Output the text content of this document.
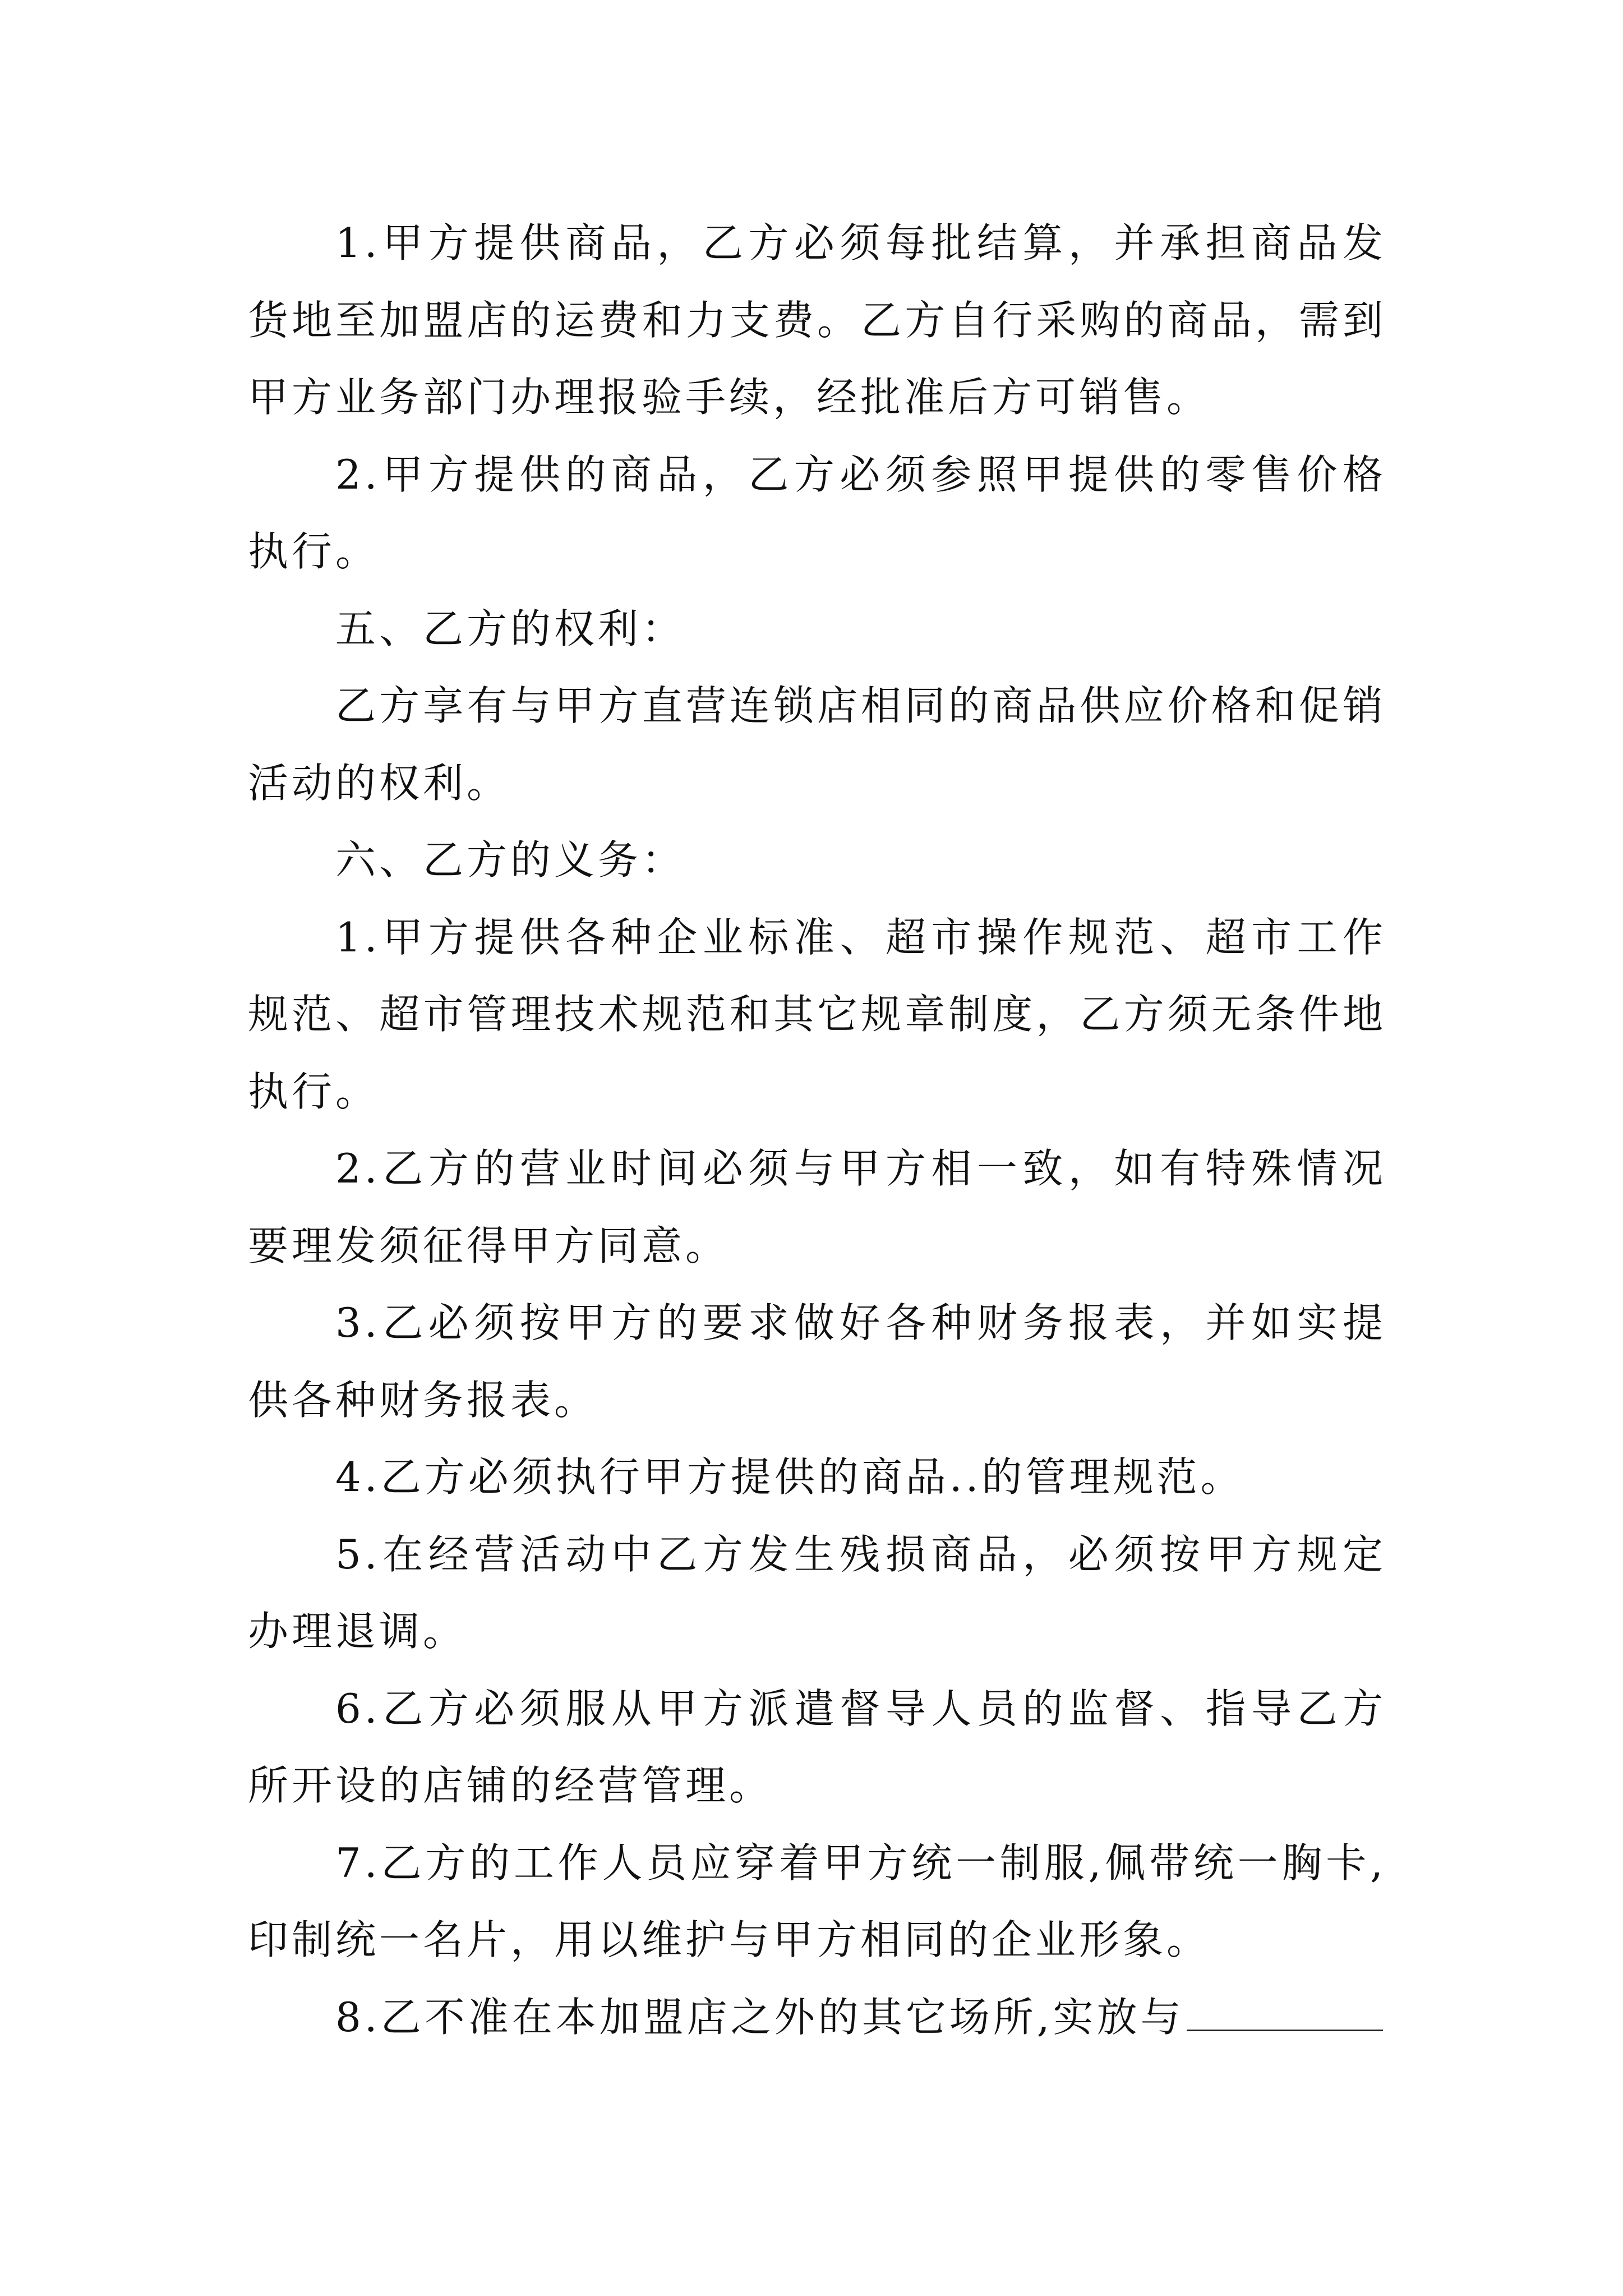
1.甲方提供商品，乙方必须每批结算，并承担商品发货地至加盟店的运费和力支费。乙方自行采购的商品，需到甲方业务部门办理报验手续，经批准后方可销售。

2.甲方提供的商品，乙方必须参照甲提供的零售价格执行。

五、乙方的权利：

乙方享有与甲方直营连锁店相同的商品供应价格和促销活动的权利。

六、乙方的义务：

1.甲方提供各种企业标准、超市操作规范、超市工作规范、超市管理技术规范和其它规章制度，乙方须无条件地执行。

2.乙方的营业时间必须与甲方相一致，如有特殊情况要理发须征得甲方同意。

3.乙必须按甲方的要求做好各种财务报表，并如实提供各种财务报表。

4.乙方必须执行甲方提供的商品..的管理规范。

5.在经营活动中乙方发生残损商品，必须按甲方规定办理退调。

6.乙方必须服从甲方派遣督导人员的监督、指导乙方所开设的店铺的经营管理。

7.乙方的工作人员应穿着甲方统一制服,佩带统一胸卡,印制统一名片，用以维护与甲方相同的企业形象。

8.乙不准在本加盟店之外的其它场所,实放与
